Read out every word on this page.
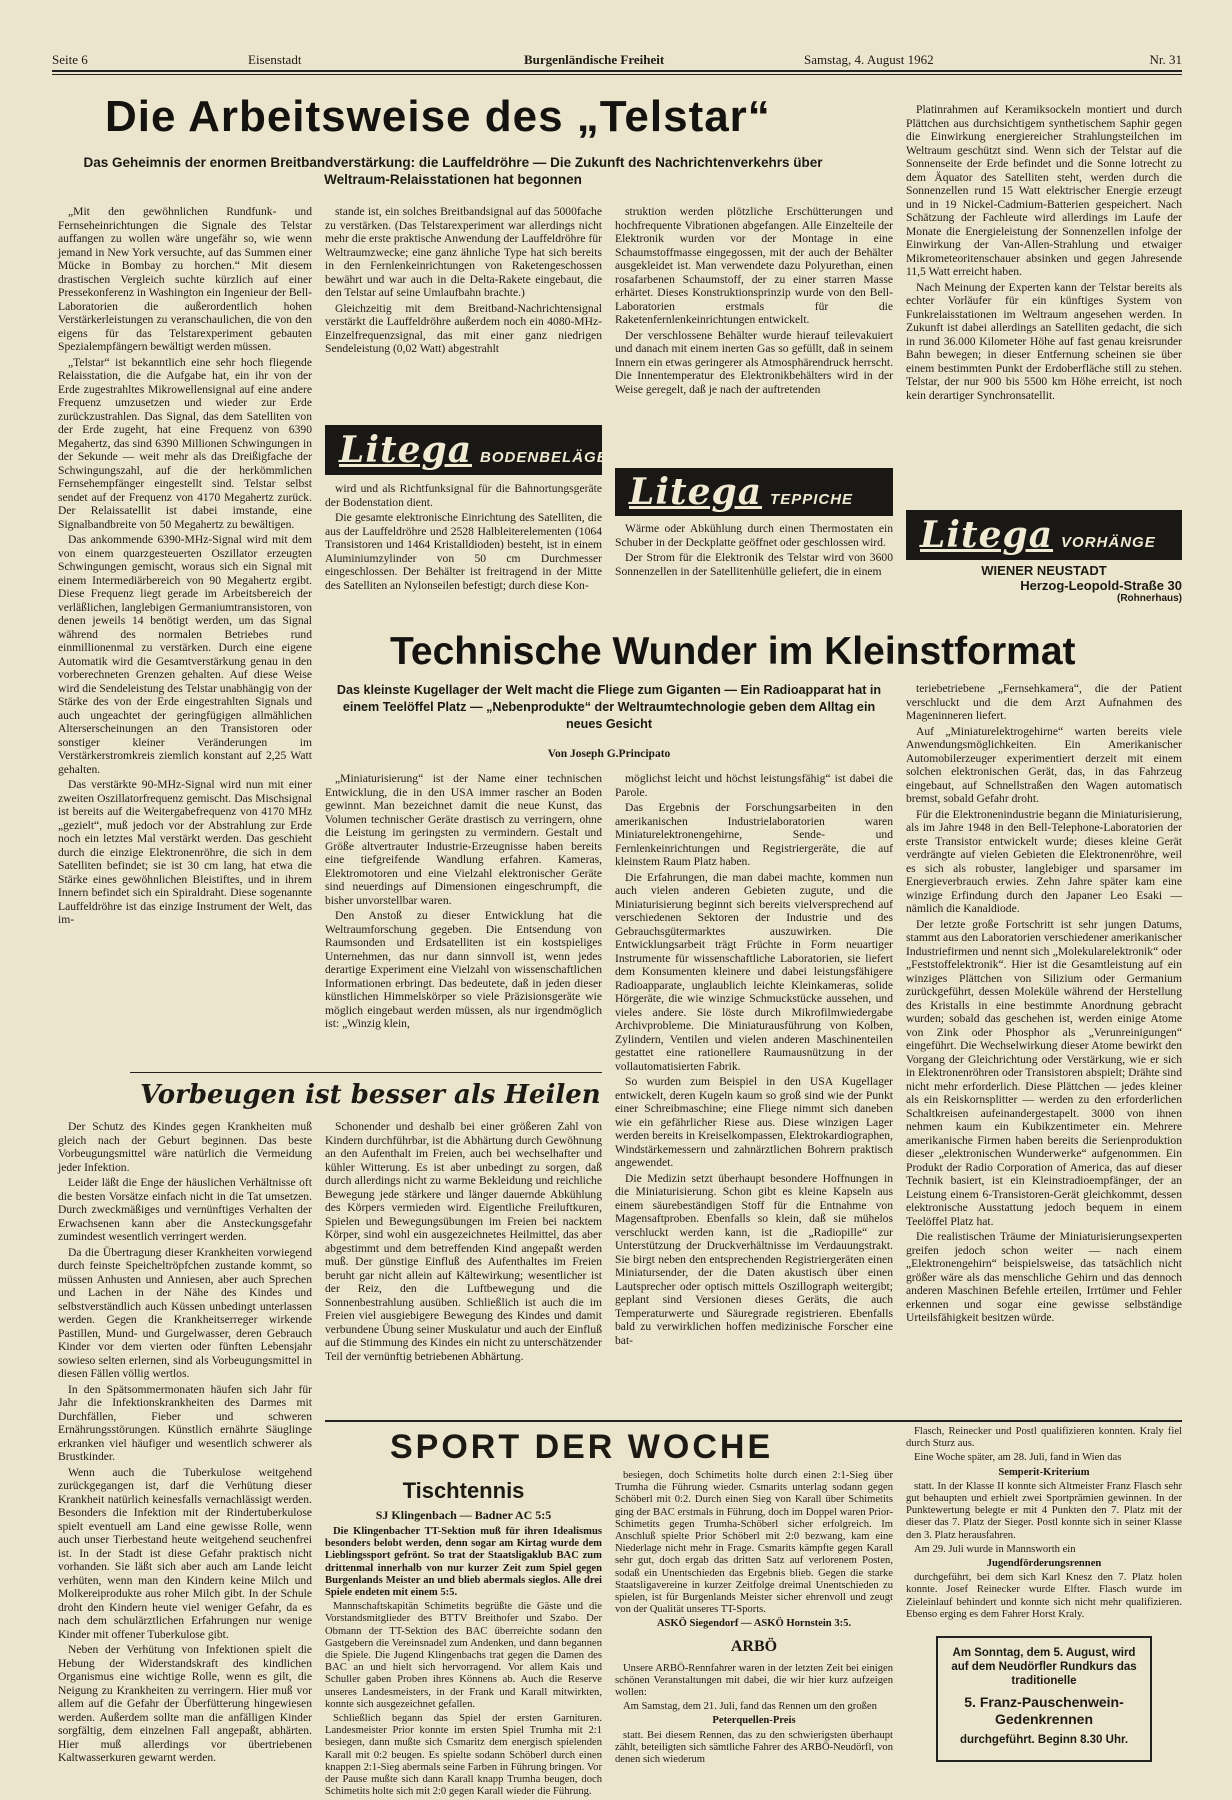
Seite 6	Eisenstadt	Burgenländische Freiheit	Samstag, 4. August 1962	Nr. 31
Die Arbeitsweise des „Telstar“
Das Geheimnis der enormen Breitbandverstärkung: die Lauffeldröhre — Die Zukunft des Nachrichtenverkehrs über Weltraum-Relaisstationen hat begonnen

„Mit den gewöhnlichen Rundfunk- und Fernseheinrichtungen die Signale des Telstar auffangen zu wollen wäre ungefähr so, wie wenn jemand in New York versuchte, auf das Summen einer Mücke in Bombay zu horchen.“ Mit diesem drastischen Vergleich suchte kürzlich auf einer Pressekonferenz in Washington ein Ingenieur der Bell-Laboratorien die außerordentlich hohen Verstärkerleistungen zu veranschaulichen, die von den eigens für das Telstarexperiment gebauten Spezialempfängern bewältigt werden müssen.

„Telstar“ ist bekanntlich eine sehr hoch fliegende Relaisstation, die die Aufgabe hat, ein ihr von der Erde zugestrahltes Mikrowellensignal auf eine andere Frequenz umzusetzen und wieder zur Erde zurückzustrahlen. Das Signal, das dem Satelliten von der Erde zugeht, hat eine Frequenz von 6390 Megahertz, das sind 6390 Millionen Schwingungen in der Sekunde — weit mehr als das Dreißigfache der Schwingungszahl, auf die der herkömmlichen Fernsehempfänger eingestellt sind. Telstar selbst sendet auf der Frequenz von 4170 Megahertz zurück. Der Relaissatellit ist dabei imstande, eine Signalbandbreite von 50 Megahertz zu bewältigen.

Das ankommende 6390-MHz-Signal wird mit dem von einem quarzgesteuerten Oszillator erzeugten Schwingungen gemischt, woraus sich ein Signal mit einem Intermediärbereich von 90 Megahertz ergibt. Diese Frequenz liegt gerade im Arbeitsbereich der verläßlichen, langlebigen Germaniumtransistoren, von denen jeweils 14 benötigt werden, um das Signal während des normalen Betriebes rund einmillionenmal zu verstärken. Durch eine eigene Automatik wird die Gesamtverstärkung genau in den vorberechneten Grenzen gehalten. Auf diese Weise wird die Sendeleistung des Telstar unabhängig von der Stärke des von der Erde eingestrahlten Signals und auch ungeachtet der geringfügigen allmählichen Alterserscheinungen an den Transistoren oder sonstiger kleiner Veränderungen im Verstärkerstromkreis ziemlich konstant auf 2,25 Watt gehalten.

Das verstärkte 90-MHz-Signal wird nun mit einer zweiten Oszillatorfrequenz gemischt. Das Mischsignal ist bereits auf die Weitergabefrequenz von 4170 MHz „gezielt“, muß jedoch vor der Abstrahlung zur Erde noch ein letztes Mal verstärkt werden. Das geschieht durch die einzige Elektronenröhre, die sich in dem Satelliten befindet; sie ist 30 cm lang, hat etwa die Stärke eines gewöhnlichen Bleistiftes, und in ihrem Innern befindet sich ein Spiraldraht. Diese sogenannte Lauffeldröhre ist das einzige Instrument der Welt, das im-

stande ist, ein solches Breitbandsignal auf das 5000fache zu verstärken. (Das Telstarexperiment war allerdings nicht mehr die erste praktische Anwendung der Lauffeldröhre für Weltraumzwecke; eine ganz ähnliche Type hat sich bereits in den Fernlenkeinrichtungen von Raketengeschossen bewährt und war auch in die Delta-Rakete eingebaut, die den Telstar auf seine Umlaufbahn brachte.)

Gleichzeitig mit dem Breitband-Nachrichtensignal verstärkt die Lauffeldröhre außerdem noch ein 4080-MHz-Einzelfrequenzsignal, das mit einer ganz niedrigen Sendeleistung (0,02 Watt) abgestrahlt

Litega BODENBELÄGE

wird und als Richtfunksignal für die Bahnortungsgeräte der Bodenstation dient.

Die gesamte elektronische Einrichtung des Satelliten, die aus der Lauffeldröhre und 2528 Halbleiterelementen (1064 Transistoren und 1464 Kristalldioden) besteht, ist in einem Aluminiumzylinder von 50 cm Durchmesser eingeschlossen. Der Behälter ist freitragend in der Mitte des Satelliten an Nylonseilen befestigt; durch diese Kon-

struktion werden plötzliche Erschütterungen und hochfrequente Vibrationen abgefangen. Alle Einzelteile der Elektronik wurden vor der Montage in eine Schaumstoffmasse eingegossen, mit der auch der Behälter ausgekleidet ist. Man verwendete dazu Polyurethan, einen rosafarbenen Schaumstoff, der zu einer starren Masse erhärtet. Dieses Konstruktionsprinzip wurde von den Bell-Laboratorien erstmals für die Raketenfernlenkeinrichtungen entwickelt.

Der verschlossene Behälter wurde hierauf teilevakuiert und danach mit einem inerten Gas so gefüllt, daß in seinem Innern ein etwas geringerer als Atmosphärendruck herrscht. Die Innentemperatur des Elektronikbehälters wird in der Weise geregelt, daß je nach der auftretenden

Litega TEPPICHE

Wärme oder Abkühlung durch einen Thermostaten ein Schuber in der Deckplatte geöffnet oder geschlossen wird.

Der Strom für die Elektronik des Telstar wird von 3600 Sonnenzellen in der Satellitenhülle geliefert, die in einem

Platinrahmen auf Keramiksockeln montiert und durch Plättchen aus durchsichtigem synthetischem Saphir gegen die Einwirkung energiereicher Strahlungsteilchen im Weltraum geschützt sind. Wenn sich der Telstar auf die Sonnenseite der Erde befindet und die Sonne lotrecht zu dem Äquator des Satelliten steht, werden durch die Sonnenzellen rund 15 Watt elektrischer Energie erzeugt und in 19 Nickel-Cadmium-Batterien gespeichert. Nach Schätzung der Fachleute wird allerdings im Laufe der Monate die Energieleistung der Sonnenzellen infolge der Einwirkung der Van-Allen-Strahlung und etwaiger Mikrometeoritenschauer absinken und gegen Jahresende 11,5 Watt erreicht haben.

Nach Meinung der Experten kann der Telstar bereits als echter Vorläufer für ein künftiges System von Funkrelaisstationen im Weltraum angesehen werden. In Zukunft ist dabei allerdings an Satelliten gedacht, die sich in rund 36.000 Kilometer Höhe auf fast genau kreisrunder Bahn bewegen; in dieser Entfernung scheinen sie über einem bestimmten Punkt der Erdoberfläche still zu stehen. Telstar, der nur 900 bis 5500 km Höhe erreicht, ist noch kein derartiger Synchronsatellit.

Litega VORHÄNGE
WIENER NEUSTADT
Herzog-Leopold-Straße 30
(Rohnerhaus)
Technische Wunder im Kleinstformat
Das kleinste Kugellager der Welt macht die Fliege zum Giganten — Ein Radioapparat hat in einem Teelöffel Platz — „Nebenprodukte“ der Weltraumtechnologie geben dem Alltag ein neues Gesicht
Von Joseph G.Principato

„Miniaturisierung“ ist der Name einer technischen Entwicklung, die in den USA immer rascher an Boden gewinnt. Man bezeichnet damit die neue Kunst, das Volumen technischer Geräte drastisch zu verringern, ohne die Leistung im geringsten zu vermindern. Gestalt und Größe altvertrauter Industrie-Erzeugnisse haben bereits eine tiefgreifende Wandlung erfahren. Kameras, Elektromotoren und eine Vielzahl elektronischer Geräte sind neuerdings auf Dimensionen eingeschrumpft, die bisher unvorstellbar waren.

Den Anstoß zu dieser Entwicklung hat die Weltraumforschung gegeben. Die Entsendung von Raumsonden und Erdsatelliten ist ein kostspieliges Unternehmen, das nur dann sinnvoll ist, wenn jedes derartige Experiment eine Vielzahl von wissenschaftlichen Informationen erbringt. Das bedeutete, daß in jeden dieser künstlichen Himmelskörper so viele Präzisionsgeräte wie möglich eingebaut werden müssen, als nur irgendmöglich ist: „Winzig klein,

möglichst leicht und höchst leistungsfähig“ ist dabei die Parole.

Das Ergebnis der Forschungsarbeiten in den amerikanischen Industrielaboratorien waren Miniaturelektronengehirne, Sende- und Fernlenkeinrichtungen und Registriergeräte, die auf kleinstem Raum Platz haben.

Die Erfahrungen, die man dabei machte, kommen nun auch vielen anderen Gebieten zugute, und die Miniaturisierung beginnt sich bereits vielversprechend auf verschiedenen Sektoren der Industrie und des Gebrauchsgütermarktes auszuwirken. Die Entwicklungsarbeit trägt Früchte in Form neuartiger Instrumente für wissenschaftliche Laboratorien, sie liefert dem Konsumenten kleinere und dabei leistungsfähigere Radioapparate, unglaublich leichte Kleinkameras, solide Hörgeräte, die wie winzige Schmuckstücke aussehen, und vieles andere. Sie löste durch Mikrofilmwiedergabe Archivprobleme. Die Miniaturausführung von Kolben, Zylindern, Ventilen und vielen anderen Maschinenteilen gestattet eine rationellere Raumausnützung in der vollautomatisierten Fabrik.

So wurden zum Beispiel in den USA Kugellager entwickelt, deren Kugeln kaum so groß sind wie der Punkt einer Schreibmaschine; eine Fliege nimmt sich daneben wie ein gefährlicher Riese aus. Diese winzigen Lager werden bereits in Kreiselkompassen, Elektrokardiographen, Windstärkemessern und zahnärztlichen Bohrern praktisch angewendet.

Die Medizin setzt überhaupt besondere Hoffnungen in die Miniaturisierung. Schon gibt es kleine Kapseln aus einem säurebeständigen Stoff für die Entnahme von Magensaftproben. Ebenfalls so klein, daß sie mühelos verschluckt werden kann, ist die „Radiopille“ zur Unterstützung der Druckverhältnisse im Verdauungstrakt. Sie birgt neben den entsprechenden Registriergeräten einen Miniatursender, der die Daten akustisch über einen Lautsprecher oder optisch mittels Oszillograph weitergibt; geplant sind Versionen dieses Geräts, die auch Temperaturwerte und Säuregrade registrieren. Ebenfalls bald zu verwirklichen hoffen medizinische Forscher eine bat-

teriebetriebene „Fernsehkamera“, die der Patient verschluckt und die dem Arzt Aufnahmen des Mageninneren liefert.

Auf „Miniaturelektrogehirne“ warten bereits viele Anwendungsmöglichkeiten. Ein Amerikanischer Automobilerzeuger experimentiert derzeit mit einem solchen elektronischen Gerät, das, in das Fahrzeug eingebaut, auf Schnellstraßen den Wagen automatisch bremst, sobald Gefahr droht.

Für die Elektronenindustrie begann die Miniaturisierung, als im Jahre 1948 in den Bell-Telephone-Laboratorien der erste Transistor entwickelt wurde; dieses kleine Gerät verdrängte auf vielen Gebieten die Elektronenröhre, weil es sich als robuster, langlebiger und sparsamer im Energieverbrauch erwies. Zehn Jahre später kam eine winzige Erfindung durch den Japaner Leo Esaki — nämlich die Kanaldiode.

Der letzte große Fortschritt ist sehr jungen Datums, stammt aus den Laboratorien verschiedener amerikanischer Industriefirmen und nennt sich „Molekularelektronik“ oder „Feststoffelektronik“. Hier ist die Gesamtleistung auf ein winziges Plättchen von Silizium oder Germanium zurückgeführt, dessen Moleküle während der Herstellung des Kristalls in eine bestimmte Anordnung gebracht wurden; sobald das geschehen ist, werden einige Atome von Zink oder Phosphor als „Verunreinigungen“ eingeführt. Die Wechselwirkung dieser Atome bewirkt den Vorgang der Gleichrichtung oder Verstärkung, wie er sich in Elektronenröhren oder Transistoren abspielt; Drähte sind nicht mehr erforderlich. Diese Plättchen — jedes kleiner als ein Reiskornsplitter — werden zu den erforderlichen Schaltkreisen aufeinandergestapelt. 3000 von ihnen nehmen kaum ein Kubikzentimeter ein. Mehrere amerikanische Firmen haben bereits die Serienproduktion dieser „elektronischen Wunderwerke“ aufgenommen. Ein Produkt der Radio Corporation of America, das auf dieser Technik basiert, ist ein Kleinstradioempfänger, der an Leistung einem 6-Transistoren-Gerät gleichkommt, dessen elektronische Ausstattung jedoch bequem in einem Teelöffel Platz hat.

Die realistischen Träume der Miniaturisierungsexperten greifen jedoch schon weiter — nach einem „Elektronengehirn“ beispielsweise, das tatsächlich nicht größer wäre als das menschliche Gehirn und das dennoch anderen Maschinen Befehle erteilen, Irrtümer und Fehler erkennen und sogar eine gewisse selbständige Urteilsfähigkeit besitzen würde.

Vorbeugen ist besser als Heilen

Der Schutz des Kindes gegen Krankheiten muß gleich nach der Geburt beginnen. Das beste Vorbeugungsmittel wäre natürlich die Vermeidung jeder Infektion.

Leider läßt die Enge der häuslichen Verhältnisse oft die besten Vorsätze einfach nicht in die Tat umsetzen. Durch zweckmäßiges und vernünftiges Verhalten der Erwachsenen kann aber die Ansteckungsgefahr zumindest wesentlich verringert werden.

Da die Übertragung dieser Krankheiten vorwiegend durch feinste Speicheltröpfchen zustande kommt, so müssen Anhusten und Anniesen, aber auch Sprechen und Lachen in der Nähe des Kindes und selbstverständlich auch Küssen unbedingt unterlassen werden. Gegen die Krankheitserreger wirkende Pastillen, Mund- und Gurgelwasser, deren Gebrauch Kinder vor dem vierten oder fünften Lebensjahr sowieso selten erlernen, sind als Vorbeugungsmittel in diesen Fällen völlig wertlos.

In den Spätsommermonaten häufen sich Jahr für Jahr die Infektionskrankheiten des Darmes mit Durchfällen, Fieber und schweren Ernährungsstörungen. Künstlich ernährte Säuglinge erkranken viel häufiger und wesentlich schwerer als Brustkinder.

Wenn auch die Tuberkulose weitgehend zurückgegangen ist, darf die Verhütung dieser Krankheit natürlich keinesfalls vernachlässigt werden. Besonders die Infektion mit der Rindertuberkulose spielt eventuell am Land eine gewisse Rolle, wenn auch unser Tierbestand heute weitgehend seuchenfrei ist. In der Stadt ist diese Gefahr praktisch nicht vorhanden. Sie läßt sich aber auch am Lande leicht verhüten, wenn man den Kindern keine Milch und Molkereiprodukte aus roher Milch gibt. In der Schule droht den Kindern heute viel weniger Gefahr, da es nach dem schulärztlichen Erfahrungen nur wenige Kinder mit offener Tuberkulose gibt.

Neben der Verhütung von Infektionen spielt die Hebung der Widerstandskraft des kindlichen Organismus eine wichtige Rolle, wenn es gilt, die Neigung zu Krankheiten zu verringern. Hier muß vor allem auf die Gefahr der Überfütterung hingewiesen werden. Außerdem sollte man die anfälligen Kinder sorgfältig, dem einzelnen Fall angepaßt, abhärten. Hier muß allerdings vor übertriebenen Kaltwasserkuren gewarnt werden.

Schonender und deshalb bei einer größeren Zahl von Kindern durchführbar, ist die Abhärtung durch Gewöhnung an den Aufenthalt im Freien, auch bei wechselhafter und kühler Witterung. Es ist aber unbedingt zu sorgen, daß durch allerdings nicht zu warme Bekleidung und reichliche Bewegung jede stärkere und länger dauernde Abkühlung des Körpers vermieden wird. Eigentliche Freiluftkuren, Spielen und Bewegungsübungen im Freien bei nacktem Körper, sind wohl ein ausgezeichnetes Heilmittel, das aber abgestimmt und dem betreffenden Kind angepaßt werden muß. Der günstige Einfluß des Aufenthaltes im Freien beruht gar nicht allein auf Kältewirkung; wesentlicher ist der Reiz, den die Luftbewegung und die Sonnenbestrahlung ausüben. Schließlich ist auch die im Freien viel ausgiebigere Bewegung des Kindes und damit verbundene Übung seiner Muskulatur und auch der Einfluß auf die Stimmung des Kindes ein nicht zu unterschätzender Teil der vernünftig betriebenen Abhärtung.

SPORT DER WOCHE
Tischtennis
SJ Klingenbach — Badner AC 5:5

Die Klingenbacher TT-Sektion muß für ihren Idealismus besonders belobt werden, denn sogar am Kirtag wurde dem Lieblingssport gefrönt. So trat der Staatsligaklub BAC zum drittenmal innerhalb von nur kurzer Zeit zum Spiel gegen Burgenlands Meister an und blieb abermals sieglos. Alle drei Spiele endeten mit einem 5:5.

Mannschaftskapitän Schimetits begrüßte die Gäste und die Vorstandsmitglieder des BTTV Breithofer und Szabo. Der Obmann der TT-Sektion des BAC überreichte sodann den Gastgebern die Vereinsnadel zum Andenken, und dann begannen die Spiele. Die Jugend Klingenbachs trat gegen die Damen des BAC an und hielt sich hervorragend. Vor allem Kais und Schuller gaben Proben ihres Könnens ab. Auch die Reserve unseres Landesmeisters, in der Frank und Karall mitwirkten, konnte sich ausgezeichnet gefallen.

Schließlich begann das Spiel der ersten Garnituren. Landesmeister Prior konnte im ersten Spiel Trumha mit 2:1 besiegen, dann mußte sich Csmaritz dem energisch spielenden Karall mit 0:2 beugen. Es spielte sodann Schöberl durch einen knappen 2:1-Sieg abermals seine Farben in Führung bringen. Vor der Pause mußte sich dann Karall knapp Trumha beugen, doch Schimetits holte sich mit 2:0 gegen Karall wieder die Führung.

besiegen, doch Schimetits holte durch einen 2:1-Sieg über Trumha die Führung wieder. Csmarits unterlag sodann gegen Schöberl mit 0:2. Durch einen Sieg von Karall über Schimetits ging der BAC erstmals in Führung, doch im Doppel waren Prior-Schimetits gegen Trumha-Schöberl sicher erfolgreich. Im Anschluß spielte Prior Schöberl mit 2:0 bezwang, kam eine Niederlage nicht mehr in Frage. Csmarits kämpfte gegen Karall sehr gut, doch ergab das dritten Satz auf verlorenem Posten, sodaß ein Unentschieden das Ergebnis blieb. Gegen die starke Staatsligavereine in kurzer Zeitfolge dreimal Unentschieden zu spielen, ist für Burgenlands Meister sicher ehrenvoll und zeugt von der Qualität unseres TT-Sports.

ASKÖ Siegendorf — ASKÖ Hornstein 3:5.

ARBÖ

Unsere ARBÖ-Rennfahrer waren in der letzten Zeit bei einigen schönen Veranstaltungen mit dabei, die wir hier kurz aufzeigen wollen:

Am Samstag, dem 21. Juli, fand das Rennen um den großen

Peterquellen-Preis

statt. Bei diesem Rennen, das zu den schwierigsten überhaupt zählt, beteiligten sich sämtliche Fahrer des ARBÖ-Neudörfl, von denen sich wiederum

Flasch, Reinecker und Postl qualifizieren konnten. Kraly fiel durch Sturz aus.

Eine Woche später, am 28. Juli, fand in Wien das

Semperit-Kriterium

statt. In der Klasse II konnte sich Altmeister Franz Flasch sehr gut behaupten und erhielt zwei Sportprämien gewinnen. In der Punktewertung belegte er mit 4 Punkten den 7. Platz mit der dieser das 7. Platz der Sieger. Postl konnte sich in seiner Klasse den 3. Platz herausfahren.

Am 29. Juli wurde in Mannsworth ein

Jugendförderungsrennen

durchgeführt, bei dem sich Karl Knesz den 7. Platz holen konnte. Josef Reinecker wurde Elfter. Flasch wurde im Zieleinlauf behindert und konnte sich nicht mehr qualifizieren. Ebenso erging es dem Fahrer Horst Kraly.

Am Sonntag, dem 5. August, wird auf dem Neudörfler Rundkurs das traditionelle
5. Franz-Pauschenwein-Gedenkrennen
durchgeführt. Beginn 8.30 Uhr.
